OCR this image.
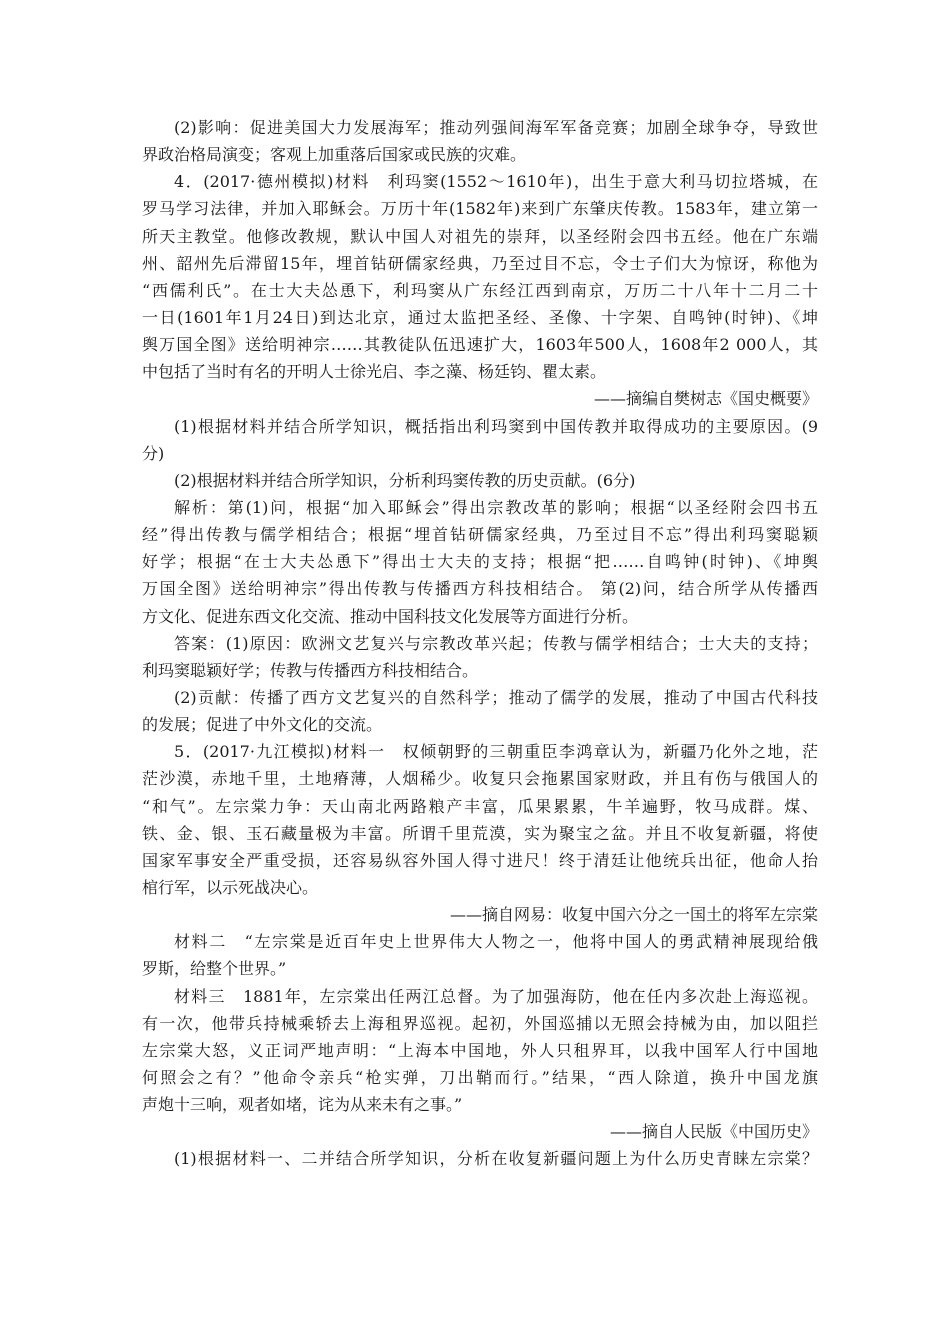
(2)影响：促进美国大力发展海军；推动列强间海军军备竞赛；加剧全球争夺，导致世
界政治格局演变；客观上加重落后国家或民族的灾难。
4．(2017·德州模拟)材料　利玛窦(1552～1610年)，出生于意大利马切拉塔城，在
罗马学习法律，并加入耶稣会。万历十年(1582年)来到广东肇庆传教。1583年，建立第一
所天主教堂。他修改教规，默认中国人对祖先的崇拜，以圣经附会四书五经。他在广东端
州、韶州先后滞留15年，埋首钻研儒家经典，乃至过目不忘，令士子们大为惊讶，称他为
“西儒利氏”。在士大夫怂恿下，利玛窦从广东经江西到南京，万历二十八年十二月二十
一日(1601年1月24日)到达北京，通过太监把圣经、圣像、十字架、自鸣钟(时钟)、《坤
舆万国全图》送给明神宗……其教徒队伍迅速扩大，1603年500人，1608年2 000人，其
中包括了当时有名的开明人士徐光启、李之藻、杨廷钧、瞿太素。
——摘编自樊树志《国史概要》
(1)根据材料并结合所学知识，概括指出利玛窦到中国传教并取得成功的主要原因。(9
分)
(2)根据材料并结合所学知识，分析利玛窦传教的历史贡献。(6分)
解析：第(1)问，根据“加入耶稣会”得出宗教改革的影响；根据“以圣经附会四书五
经”得出传教与儒学相结合；根据“埋首钻研儒家经典，乃至过目不忘”得出利玛窦聪颖
好学；根据“在士大夫怂恿下”得出士大夫的支持；根据“把……自鸣钟(时钟)、《坤舆
万国全图》送给明神宗”得出传教与传播西方科技相结合。 第(2)问，结合所学从传播西
方文化、促进东西文化交流、推动中国科技文化发展等方面进行分析。
答案：(1)原因：欧洲文艺复兴与宗教改革兴起；传教与儒学相结合；士大夫的支持；
利玛窦聪颖好学；传教与传播西方科技相结合。
(2)贡献：传播了西方文艺复兴的自然科学；推动了儒学的发展，推动了中国古代科技
的发展；促进了中外文化的交流。
5．(2017·九江模拟)材料一　权倾朝野的三朝重臣李鸿章认为，新疆乃化外之地，茫
茫沙漠，赤地千里，土地瘠薄，人烟稀少。收复只会拖累国家财政，并且有伤与俄国人的
“和气”。左宗棠力争：天山南北两路粮产丰富，瓜果累累，牛羊遍野，牧马成群。煤、
铁、金、银、玉石藏量极为丰富。所谓千里荒漠，实为聚宝之盆。并且不收复新疆，将使
国家军事安全严重受损，还容易纵容外国人得寸进尺！终于清廷让他统兵出征，他命人抬
棺行军，以示死战决心。
——摘自网易：收复中国六分之一国土的将军左宗棠
材料二　“左宗棠是近百年史上世界伟大人物之一，他将中国人的勇武精神展现给俄
罗斯，给整个世界。”
材料三　1881年，左宗棠出任两江总督。为了加强海防，他在任内多次赴上海巡视。
有一次，他带兵持械乘轿去上海租界巡视。起初，外国巡捕以无照会持械为由，加以阻拦
左宗棠大怒，义正词严地声明：“上海本中国地，外人只租界耳，以我中国军人行中国地
何照会之有？”他命令亲兵“枪实弹，刀出鞘而行。”结果，“西人除道，换升中国龙旗
声炮十三响，观者如堵，诧为从来未有之事。”
——摘自人民版《中国历史》
(1)根据材料一、二并结合所学知识，分析在收复新疆问题上为什么历史青睐左宗棠？
